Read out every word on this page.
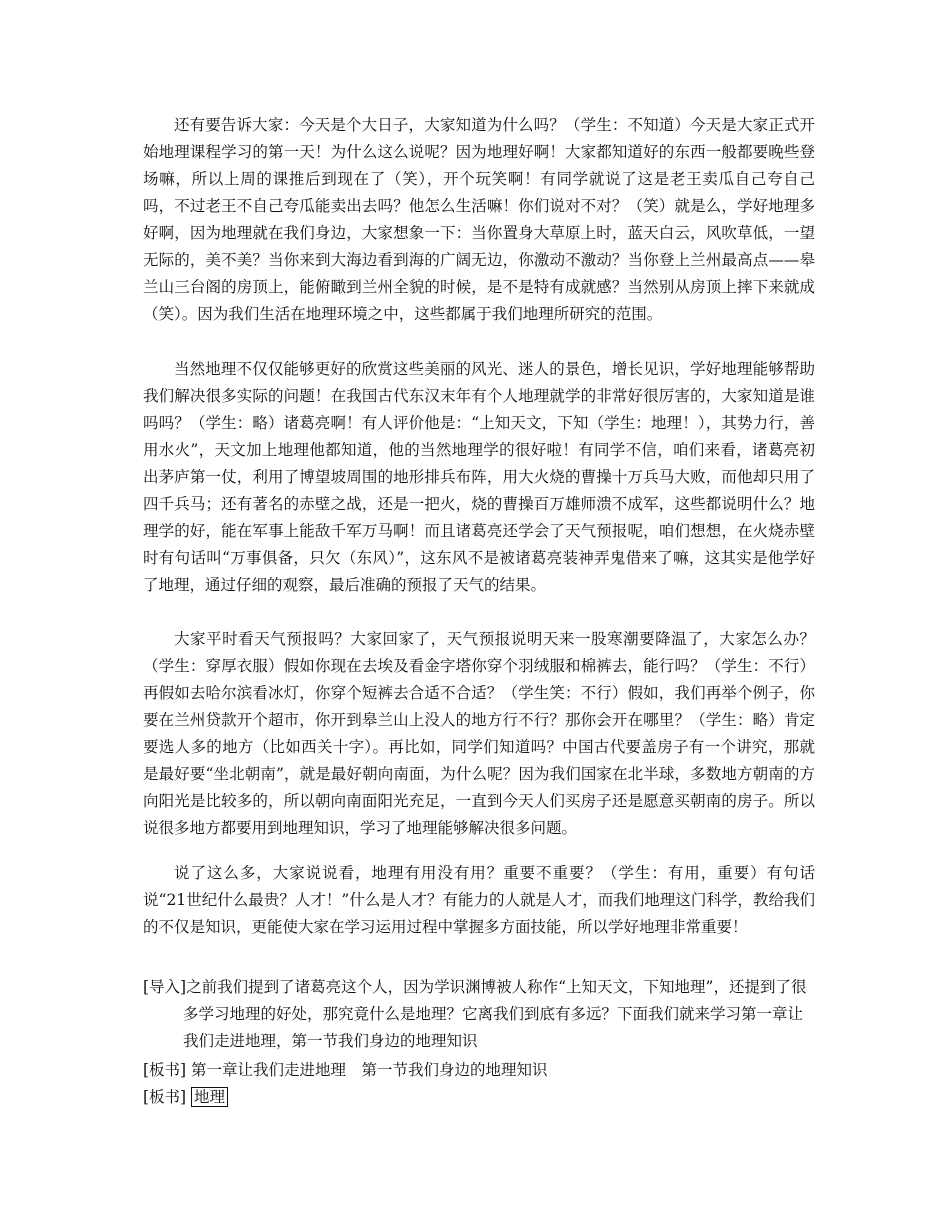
还有要告诉大家：今天是个大日子，大家知道为什么吗？（学生：不知道）今天是大家正式开始地理课程学习的第一天！为什么这么说呢？因为地理好啊！大家都知道好的东西一般都要晚些登场嘛，所以上周的课推后到现在了（笑），开个玩笑啊！有同学就说了这是老王卖瓜自己夸自己吗，不过老王不自己夸瓜能卖出去吗？他怎么生活嘛！你们说对不对？（笑）就是么，学好地理多好啊，因为地理就在我们身边，大家想象一下：当你置身大草原上时，蓝天白云，风吹草低，一望无际的，美不美？当你来到大海边看到海的广阔无边，你激动不激动？当你登上兰州最高点——皋兰山三台阁的房顶上，能俯瞰到兰州全貌的时候，是不是特有成就感？当然别从房顶上摔下来就成（笑）。因为我们生活在地理环境之中，这些都属于我们地理所研究的范围。

当然地理不仅仅能够更好的欣赏这些美丽的风光、迷人的景色，增长见识，学好地理能够帮助我们解决很多实际的问题！在我国古代东汉末年有个人地理就学的非常好很厉害的，大家知道是谁吗吗？（学生：略）诸葛亮啊！有人评价他是：“上知天文，下知（学生：地理！），其势力行，善用水火”，天文加上地理他都知道，他的当然地理学的很好啦！有同学不信，咱们来看，诸葛亮初出茅庐第一仗，利用了博望坡周围的地形排兵布阵，用大火烧的曹操十万兵马大败，而他却只用了四千兵马；还有著名的赤壁之战，还是一把火，烧的曹操百万雄师溃不成军，这些都说明什么？地理学的好，能在军事上能敌千军万马啊！而且诸葛亮还学会了天气预报呢，咱们想想，在火烧赤壁时有句话叫“万事俱备，只欠（东风）”，这东风不是被诸葛亮装神弄鬼借来了嘛，这其实是他学好了地理，通过仔细的观察，最后准确的预报了天气的结果。

大家平时看天气预报吗？大家回家了，天气预报说明天来一股寒潮要降温了，大家怎么办？（学生：穿厚衣服）假如你现在去埃及看金字塔你穿个羽绒服和棉裤去，能行吗？（学生：不行）再假如去哈尔滨看冰灯，你穿个短裤去合适不合适？（学生笑：不行）假如，我们再举个例子，你要在兰州贷款开个超市，你开到皋兰山上没人的地方行不行？那你会开在哪里？（学生：略）肯定要选人多的地方（比如西关十字）。再比如，同学们知道吗？中国古代要盖房子有一个讲究，那就是最好要“坐北朝南”，就是最好朝向南面，为什么呢？因为我们国家在北半球，多数地方朝南的方向阳光是比较多的，所以朝向南面阳光充足，一直到今天人们买房子还是愿意买朝南的房子。所以说很多地方都要用到地理知识，学习了地理能够解决很多问题。

说了这么多，大家说说看，地理有用没有用？重要不重要？（学生：有用，重要）有句话说“21世纪什么最贵？人才！”什么是人才？有能力的人就是人才，而我们地理这门科学，教给我们的不仅是知识，更能使大家在学习运用过程中掌握多方面技能，所以学好地理非常重要！

[导入]之前我们提到了诸葛亮这个人，因为学识渊博被人称作“上知天文，下知地理”，还提到了很多学习地理的好处，那究竟什么是地理？它离我们到底有多远？下面我们就来学习第一章让我们走进地理，第一节我们身边的地理知识

[板书] 第一章让我们走进地理　第一节我们身边的地理知识

[板书] 地理
